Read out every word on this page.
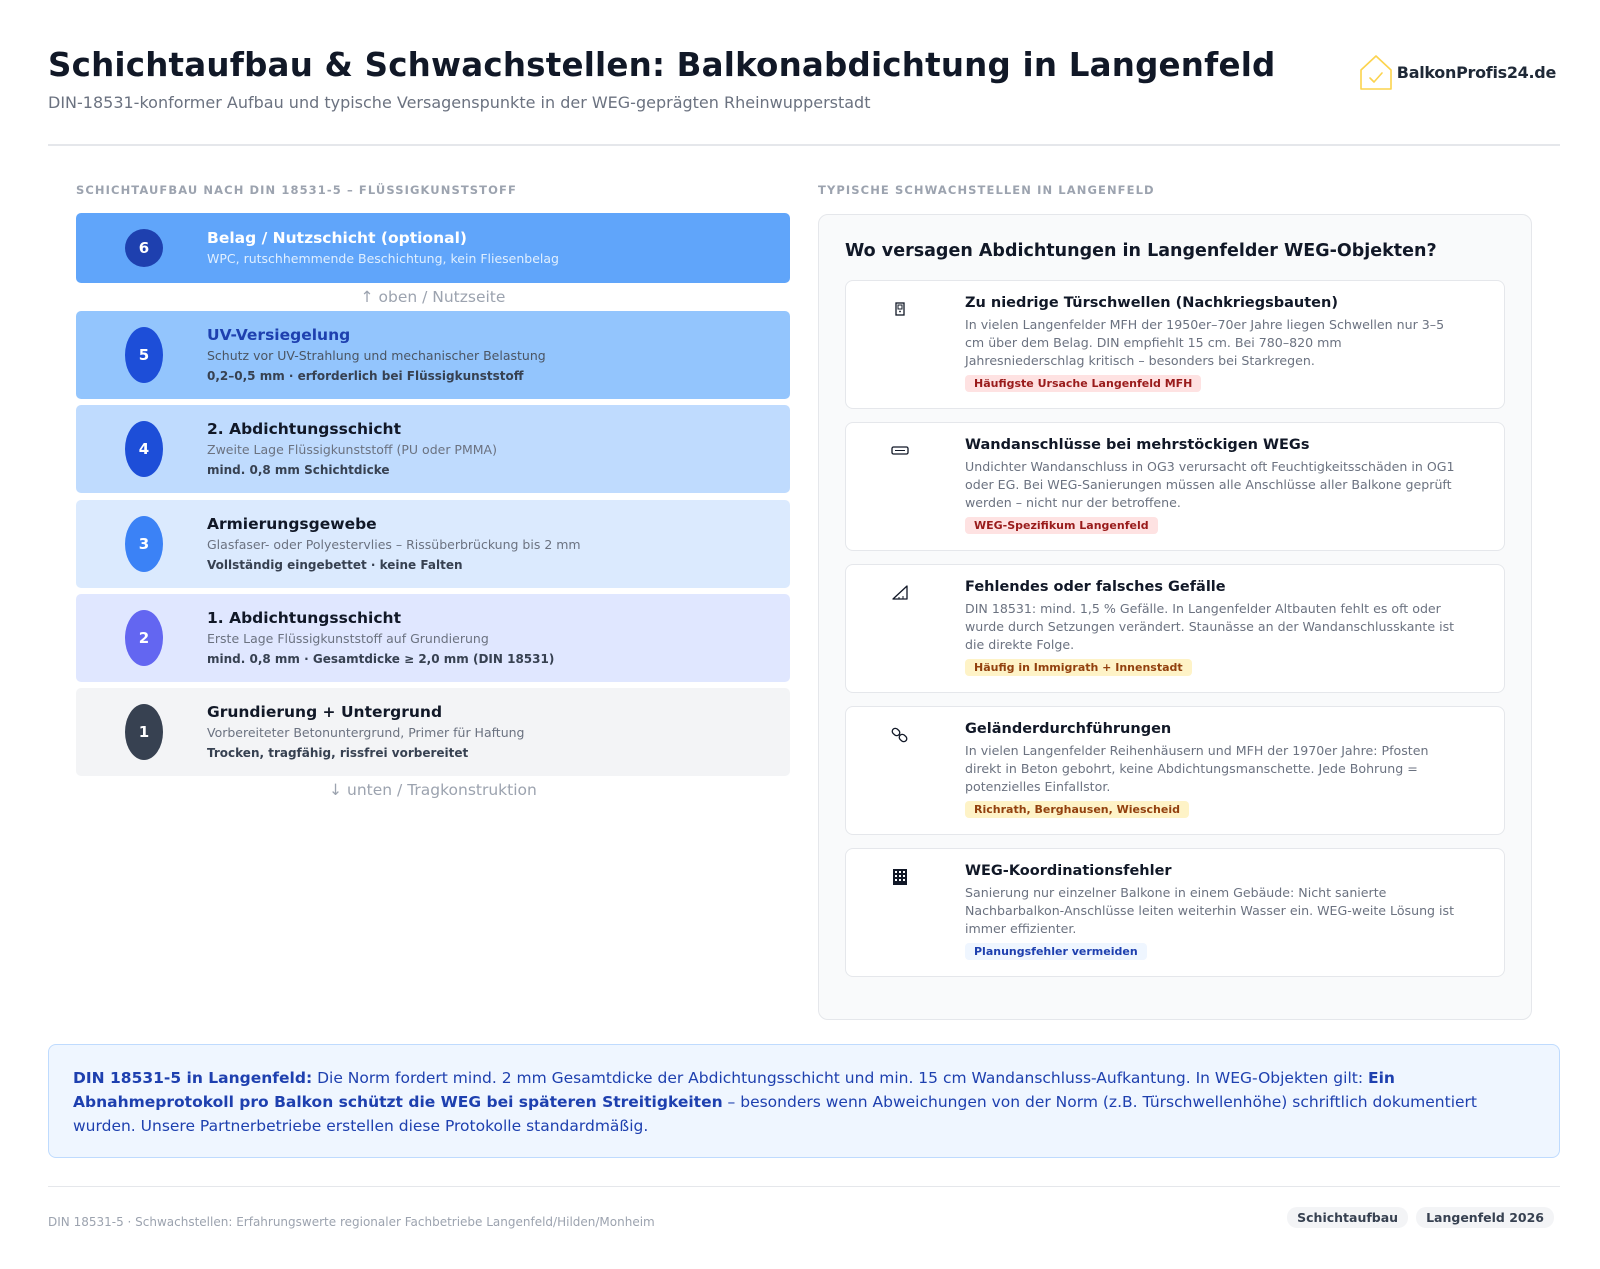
Schichtaufbau & Schwachstellen: Balkonabdichtung in Langenfeld
DIN-18531-konformer Aufbau und typische Versagenspunkte in der WEG-geprägten Rheinwupperstadt
BalkonProfis24.de
SCHICHTAUFBAU NACH DIN 18531-5 – FLÜSSIGKUNSTSTOFF	TYPISCHE SCHWACHSTELLEN IN LANGENFELD
6
Belag / Nutzschicht (optional)
WPC, rutschhemmende Beschichtung, kein Fliesenbelag
↑ oben / Nutzseite
5
UV-Versiegelung
Schutz vor UV-Strahlung und mechanischer Belastung
0,2–0,5 mm · erforderlich bei Flüssigkunststoff
4
2. Abdichtungsschicht
Zweite Lage Flüssigkunststoff (PU oder PMMA)
mind. 0,8 mm Schichtdicke
3
Armierungsgewebe
Glasfaser- oder Polyestervlies – Rissüberbrückung bis 2 mm
Vollständig eingebettet · keine Falten
2
1. Abdichtungsschicht
Erste Lage Flüssigkunststoff auf Grundierung
mind. 0,8 mm · Gesamtdicke ≥ 2,0 mm (DIN 18531)
1
Grundierung + Untergrund
Vorbereiteter Betonuntergrund, Primer für Haftung
Trocken, tragfähig, rissfrei vorbereitet
↓ unten / Tragkonstruktion
Wo versagen Abdichtungen in Langenfelder WEG-Objekten?
Zu niedrige Türschwellen (Nachkriegsbauten)
In vielen Langenfelder MFH der 1950er–70er Jahre liegen Schwellen nur 3–5 cm über dem Belag. DIN empfiehlt 15 cm. Bei 780–820 mm Jahresniederschlag kritisch – besonders bei Starkregen.
Häufigste Ursache Langenfeld MFH
Wandanschlüsse bei mehrstöckigen WEGs
Undichter Wandanschluss in OG3 verursacht oft Feuchtigkeitsschäden in OG1 oder EG. Bei WEG-Sanierungen müssen alle Anschlüsse aller Balkone geprüft werden – nicht nur der betroffene.
WEG-Spezifikum Langenfeld
Fehlendes oder falsches Gefälle
DIN 18531: mind. 1,5 % Gefälle. In Langenfelder Altbauten fehlt es oft oder wurde durch Setzungen verändert. Staunässe an der Wandanschlusskante ist die direkte Folge.
Häufig in Immigrath + Innenstadt
Geländerdurchführungen
In vielen Langenfelder Reihenhäusern und MFH der 1970er Jahre: Pfosten direkt in Beton gebohrt, keine Abdichtungsmanschette. Jede Bohrung = potenzielles Einfallstor.
Richrath, Berghausen, Wiescheid
WEG-Koordinationsfehler
Sanierung nur einzelner Balkone in einem Gebäude: Nicht sanierte Nachbarbalkon-Anschlüsse leiten weiterhin Wasser ein. WEG-weite Lösung ist immer effizienter.
Planungsfehler vermeiden
DIN 18531-5 in Langenfeld: Die Norm fordert mind. 2 mm Gesamtdicke der Abdichtungsschicht und min. 15 cm Wandanschluss-Aufkantung. In WEG-Objekten gilt: Ein Abnahmeprotokoll pro Balkon schützt die WEG bei späteren Streitigkeiten – besonders wenn Abweichungen von der Norm (z.B. Türschwellenhöhe) schriftlich dokumentiert wurden. Unsere Partnerbetriebe erstellen diese Protokolle standardmäßig.
DIN 18531-5 · Schwachstellen: Erfahrungswerte regionaler Fachbetriebe Langenfeld/Hilden/Monheim	Schichtaufbau	Langenfeld 2026
